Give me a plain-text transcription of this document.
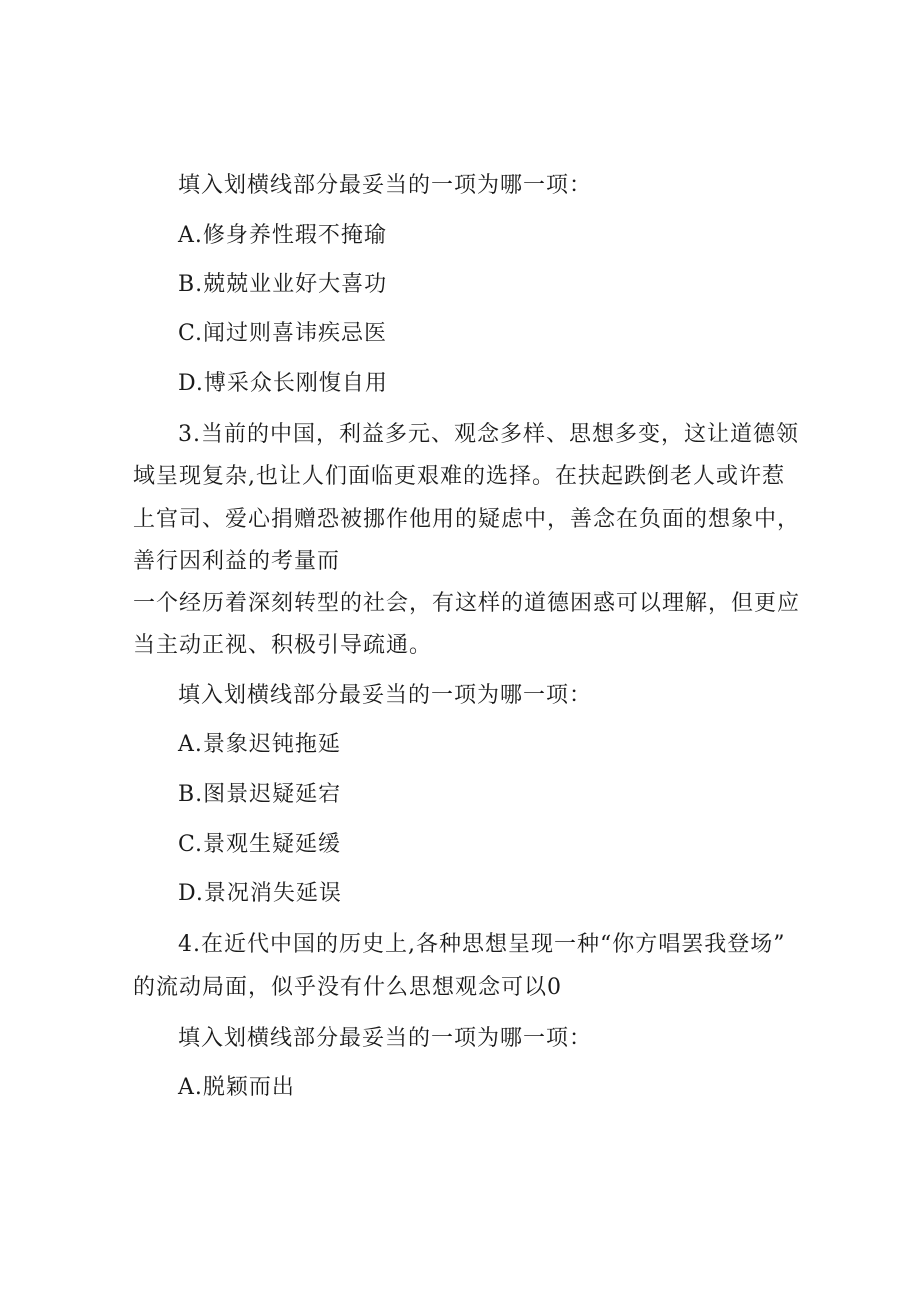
填入划横线部分最妥当的一项为哪一项：
A.修身养性瑕不掩瑜
B.兢兢业业好大喜功
C.闻过则喜讳疾忌医
D.博采众长刚愎自用
3.当前的中国，利益多元、观念多样、思想多变，这让道德领
域呈现复杂,也让人们面临更艰难的选择。在扶起跌倒老人或许惹
上官司、爱心捐赠恐被挪作他用的疑虑中，善念在负面的想象中，
善行因利益的考量而
一个经历着深刻转型的社会，有这样的道德困惑可以理解，但更应
当主动正视、积极引导疏通。
填入划横线部分最妥当的一项为哪一项：
A.景象迟钝拖延
B.图景迟疑延宕
C.景观生疑延缓
D.景况消失延误
4.在近代中国的历史上,各种思想呈现一种“你方唱罢我登场”
的流动局面，似乎没有什么思想观念可以0
填入划横线部分最妥当的一项为哪一项：
A.脱颖而出
